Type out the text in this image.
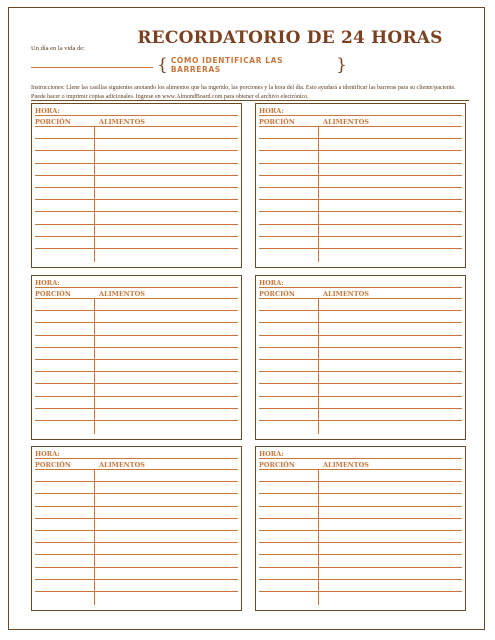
Un día en la vida de:
RECORDATORIO DE 24 HORAS
{ CÓMO IDENTIFICAR LAS BARRERAS	}
Instrucciones: Llene las casillas siguientes anotando los alimentos que ha ingerido, las porciones y la hora del día. Esto ayudará a identificar las barreras para su cliente/paciente. Puede hacer o imprimir copias adicionales. Ingrese en www.AlmondBoard.com para obtener el archivo electrónico.
HORA:
PORCIÓN	ALIMENTOS
HORA:
PORCIÓN	ALIMENTOS
HORA:
PORCIÓN	ALIMENTOS
HORA:
PORCIÓN	ALIMENTOS
HORA:
PORCIÓN	ALIMENTOS
HORA:
PORCIÓN	ALIMENTOS
